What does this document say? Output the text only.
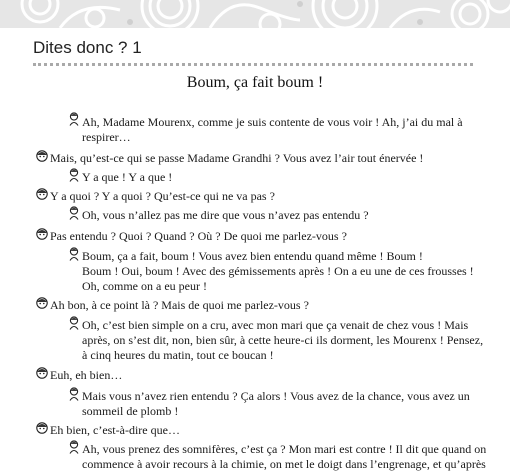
Dites donc ? 1
Boum, ça fait boum !
Ah, Madame Mourenx, comme je suis contente de vous voir ! Ah, j’ai du mal à
respirer…
Mais, qu’est-ce qui se passe Madame Grandhi ? Vous avez l’air tout énervée !
Y a que ! Y a que !
Y a quoi ? Y a quoi ? Qu’est-ce qui ne va pas ?
Oh, vous n’allez pas me dire que vous n’avez pas entendu ?
Pas entendu ? Quoi ? Quand ? Où ? De quoi me parlez-vous ?
Boum, ça a fait, boum ! Vous avez bien entendu quand même ! Boum !
Boum ! Oui, boum ! Avec des gémissements après ! On a eu une de ces frousses !
Oh, comme on a eu peur !
Ah bon, à ce point là ? Mais de quoi me parlez-vous ?
Oh, c’est bien simple on a cru, avec mon mari que ça venait de chez vous ! Mais
après, on s’est dit, non, bien sûr, à cette heure-ci ils dorment, les Mourenx ! Pensez,
à cinq heures du matin, tout ce boucan !
Euh, eh bien…
Mais vous n’avez rien entendu ? Ça alors ! Vous avez de la chance, vous avez un
sommeil de plomb !
Eh bien, c’est-à-dire que…
Ah, vous prenez des somnifères, c’est ça ? Mon mari est contre ! Il dit que quand on
commence à avoir recours à la chimie, on met le doigt dans l’engrenage, et qu’après
